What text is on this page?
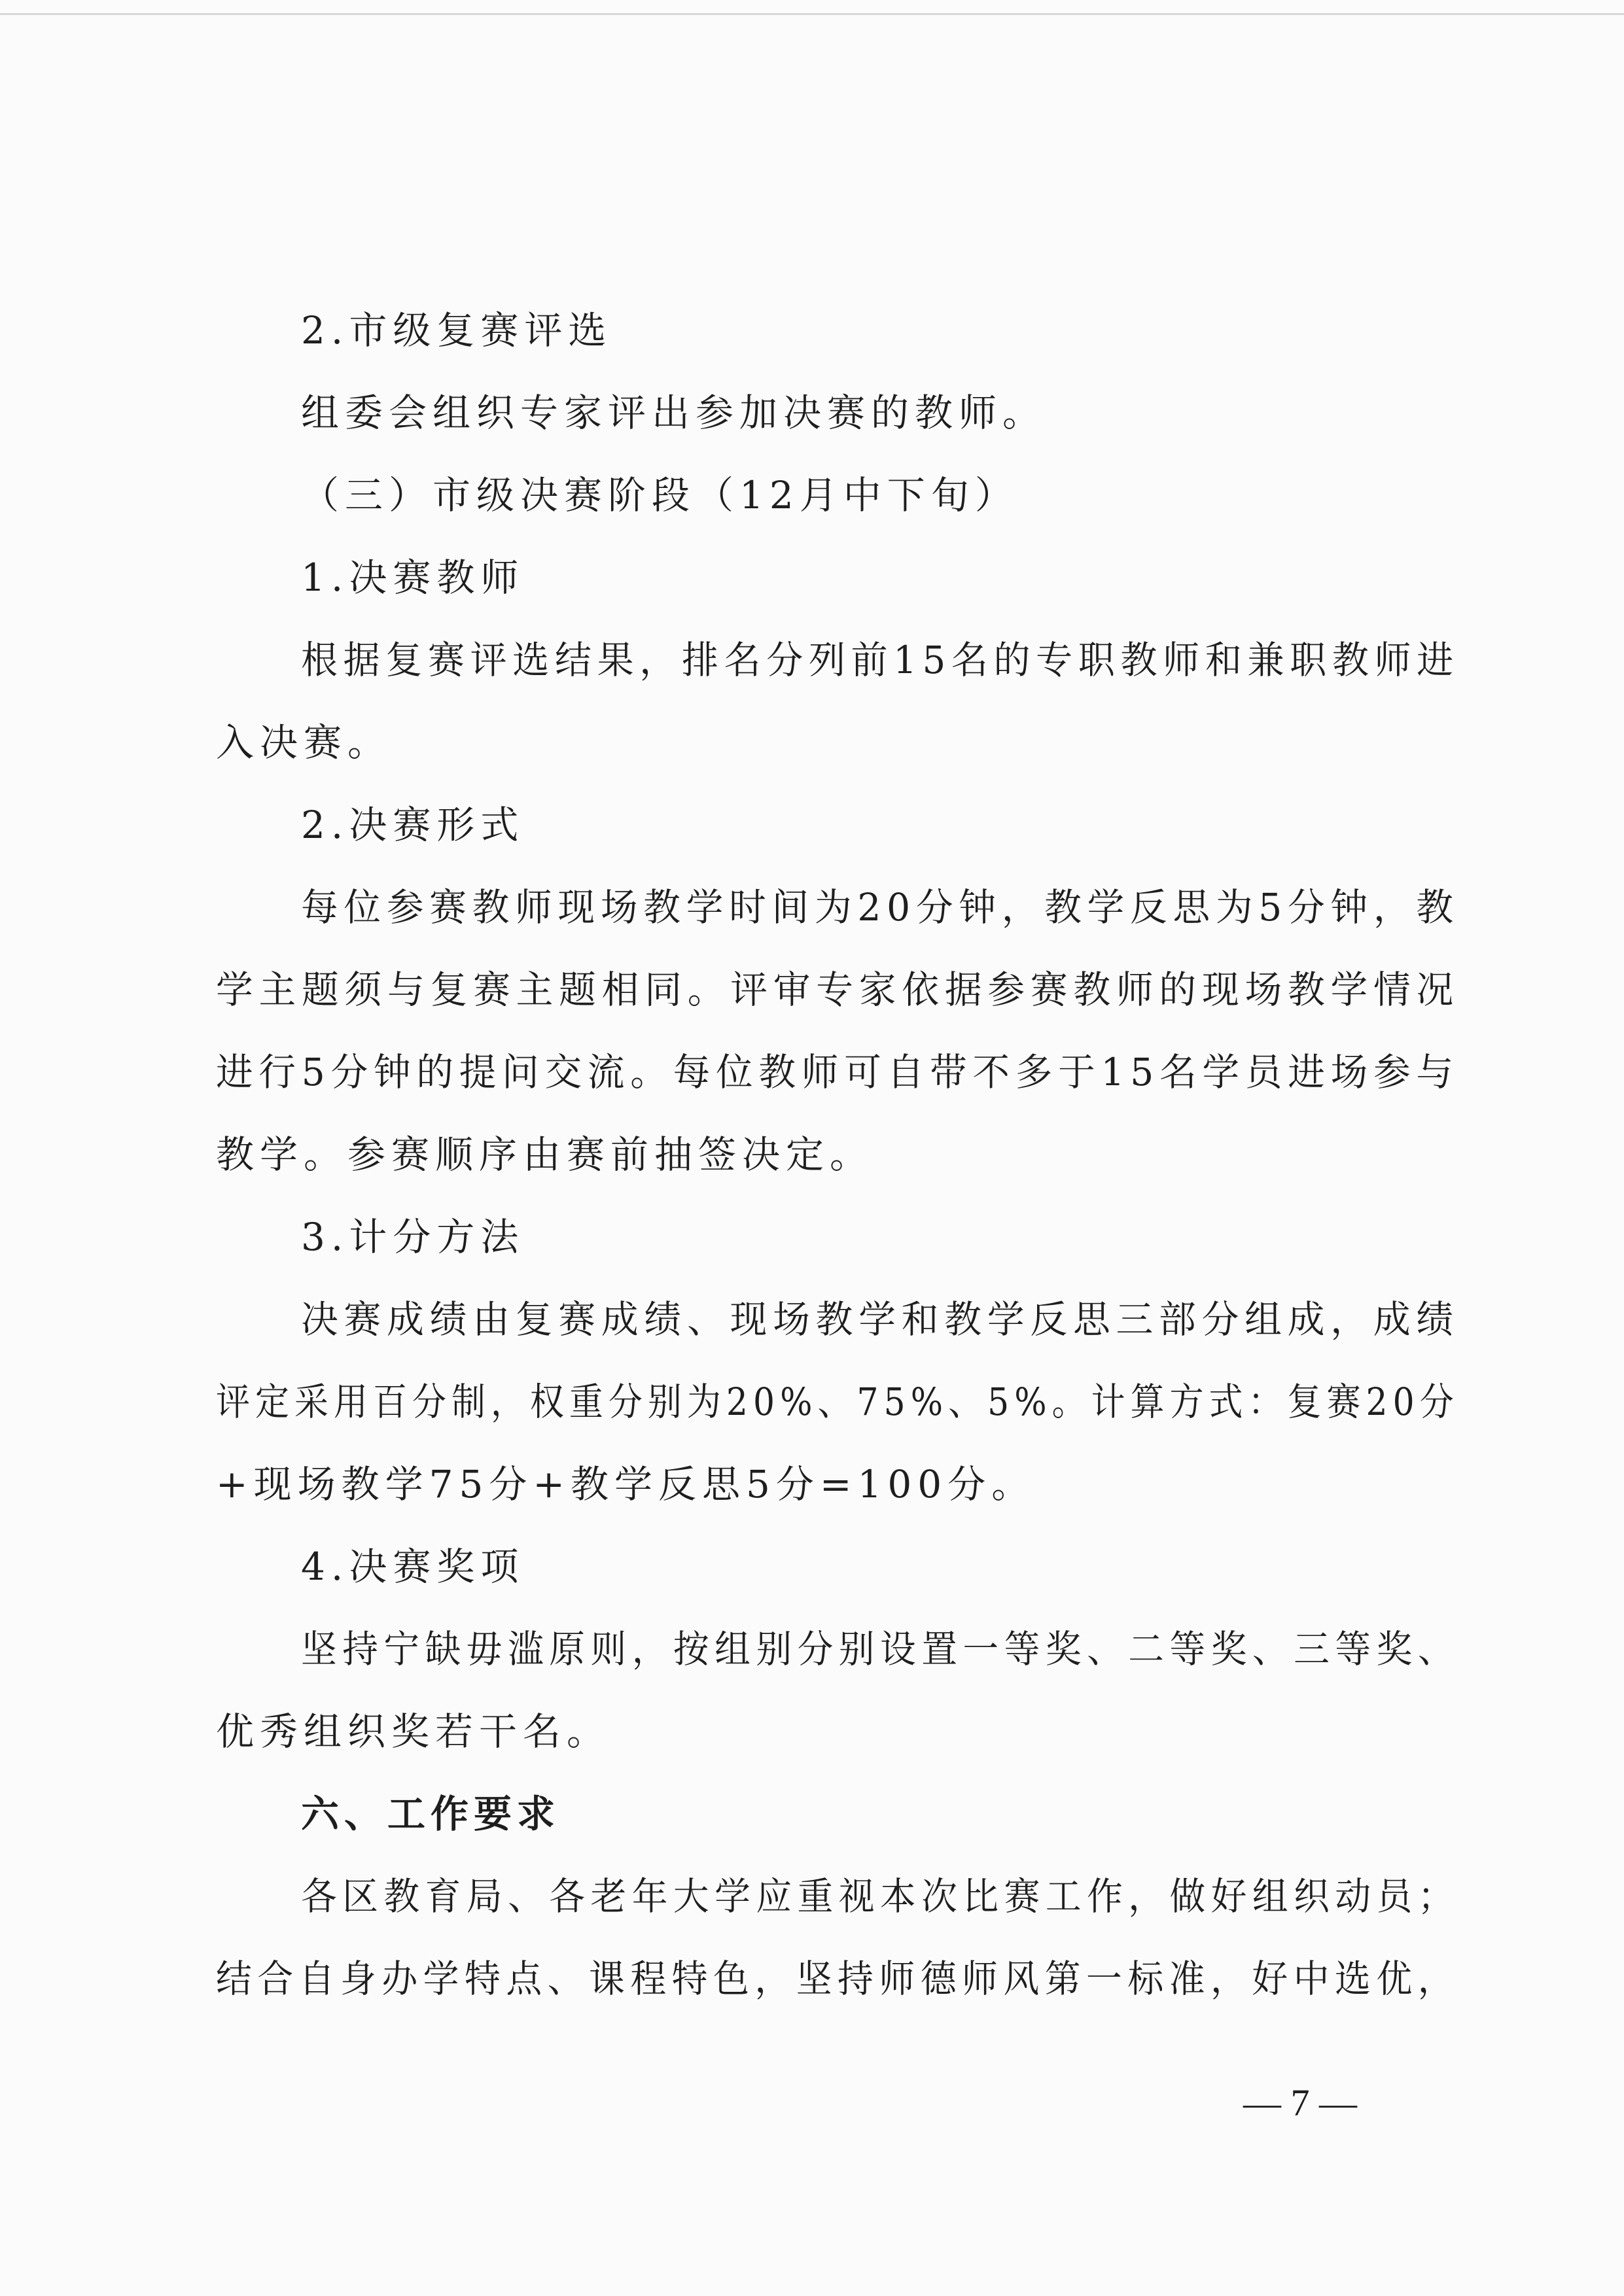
2.市级复赛评选
组委会组织专家评出参加决赛的教师。
（三）市级决赛阶段（12月中下旬）
1.决赛教师
根据复赛评选结果，排名分列前15名的专职教师和兼职教师进
入决赛。
2.决赛形式
每位参赛教师现场教学时间为20分钟，教学反思为5分钟，教
学主题须与复赛主题相同。评审专家依据参赛教师的现场教学情况
进行5分钟的提问交流。每位教师可自带不多于15名学员进场参与
教学。参赛顺序由赛前抽签决定。
3.计分方法
决赛成绩由复赛成绩、现场教学和教学反思三部分组成，成绩
评定采用百分制，权重分别为20%、75%、5%。计算方式：复赛20分
+现场教学75分+教学反思5分=100分。
4.决赛奖项
坚持宁缺毋滥原则，按组别分别设置一等奖、二等奖、三等奖、
优秀组织奖若干名。
六、工作要求
各区教育局、各老年大学应重视本次比赛工作，做好组织动员；
结合自身办学特点、课程特色，坚持师德师风第一标准，好中选优，
— 7 —
